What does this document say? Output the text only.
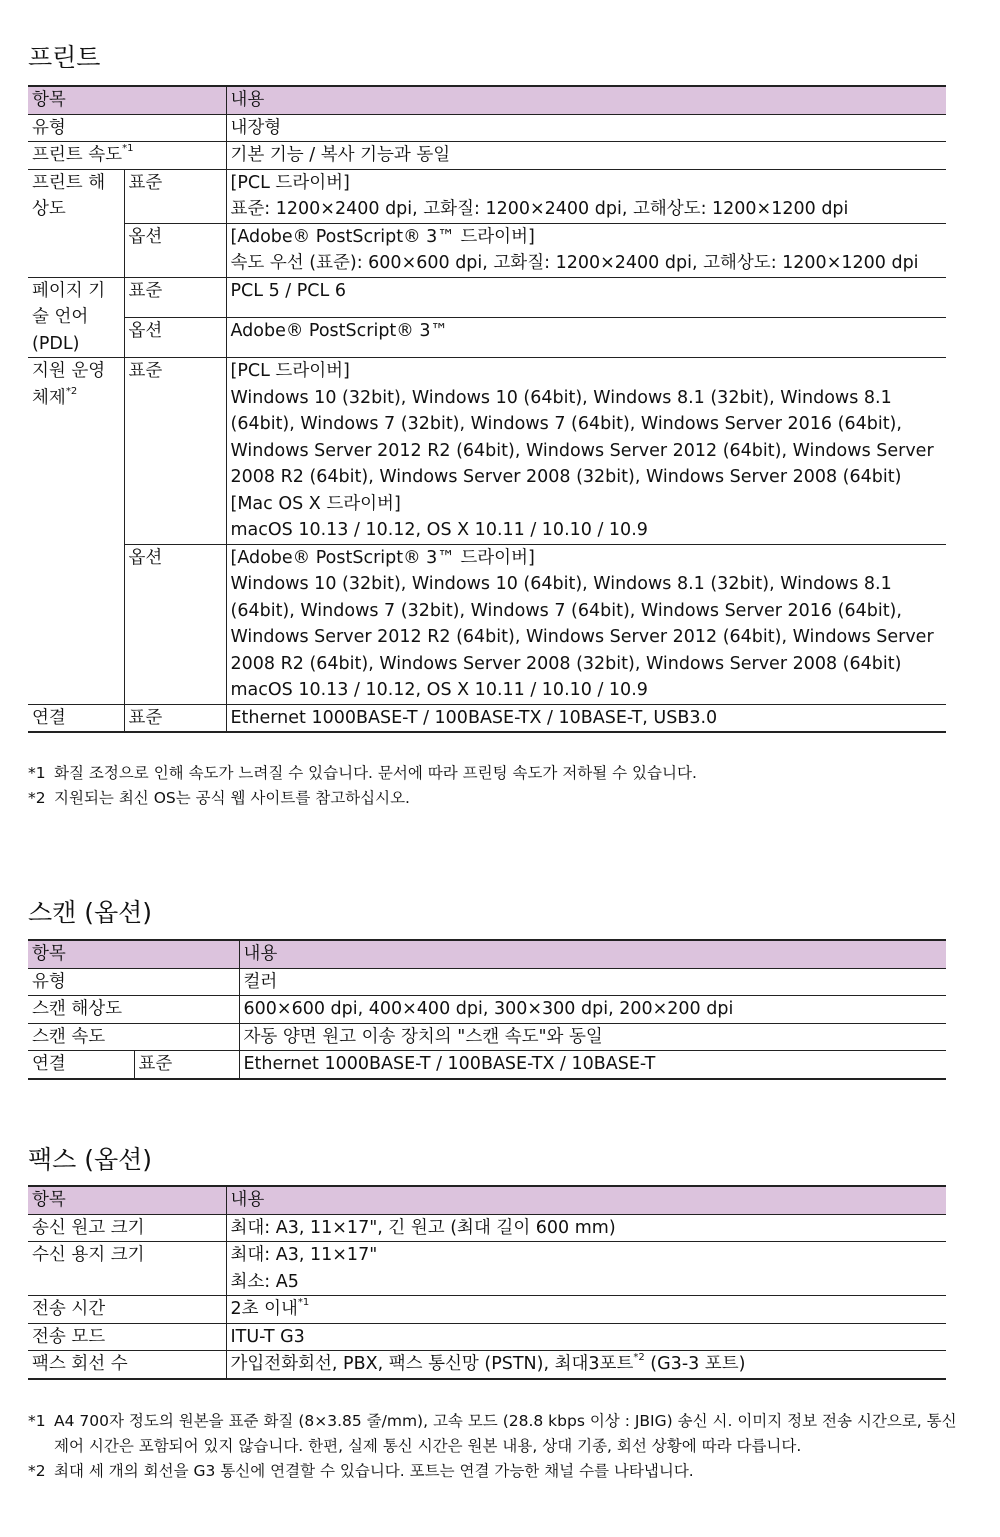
프린트
항목		내용
유형		내장형
프린트 속도$^{*1}$		기본 기능 / 복사 기능과 동일
프린트 해상도	표준	[PCL 드라이버]
표준: 1200×2400 dpi, 고화질: 1200×2400 dpi, 고해상도: 1200×1200 dpi

	옵션	[Adobe® PostScript® 3™ 드라이버]
속도 우선 (표준): 600×600 dpi, 고화질: 1200×2400 dpi, 고해상도: 1200×1200 dpi

페이지 기술 언어(PDL)	표준	PCL 5 / PCL 6
	옵션	Adobe® PostScript® 3™
지원 운영 체제$^{*2}$	표준	[PCL 드라이버]
Windows 10 (32bit), Windows 10 (64bit), Windows 8.1 (32bit), Windows 8.1 (64bit), Windows 7 (32bit), Windows 7 (64bit), Windows Server 2016 (64bit), Windows Server 2012 R2 (64bit), Windows Server 2012 (64bit), Windows Server 2008 R2 (64bit), Windows Server 2008 (32bit), Windows Server 2008 (64bit)
[Mac OS X 드라이버]
macOS 10.13 / 10.12, OS X 10.11 / 10.10 / 10.9
	옵션	[Adobe® PostScript® 3™ 드라이버]
Windows 10 (32bit), Windows 10 (64bit), Windows 8.1 (32bit), Windows 8.1 (64bit), Windows 7 (32bit), Windows 7 (64bit), Windows Server 2016 (64bit), Windows Server 2012 R2 (64bit), Windows Server 2012 (64bit), Windows Server 2008 R2 (64bit), Windows Server 2008 (32bit), Windows Server 2008 (64bit)
macOS 10.13 / 10.12, OS X 10.11 / 10.10 / 10.9
연결	표준	Ethernet 1000BASE-T / 100BASE-TX / 10BASE-T, USB3.0
*1 화질 조정으로 인해 속도가 느려질 수 있습니다. 문서에 따라 프린팅 속도가 저하될 수 있습니다.
*2 지원되는 최신 OS는 공식 웹 사이트를 참고하십시오.
스캔 (옵션)
항목		내용
유형		컬러
스캔 해상도		600×600 dpi, 400×400 dpi, 300×300 dpi, 200×200 dpi
스캔 속도		자동 양면 원고 이송 장치의 "스캔 속도"와 동일
연결	표준	Ethernet 1000BASE-T / 100BASE-TX / 10BASE-T
팩스 (옵션)
항목	내용
송신 원고 크기	최대: A3, 11×17", 긴 원고 (최대 길이 600 mm)
수신 용지 크기	최대: A3, 11×17"
최소: A5

전송 시간	2초 이내$^{*1}$
전송 모드	ITU-T G3
팩스 회선 수	가입전화회선, PBX, 팩스 통신망 (PSTN), 최대3포트$^{*2}$ (G3-3 포트)
*1 A4 700자 정도의 원본을 표준 화질 (8×3.85 줄/mm), 고속 모드 (28.8 kbps 이상 : JBIG) 송신 시. 이미지 정보 전송 시간으로, 통신 제어 시간은 포함되어 있지 않습니다. 한편, 실제 통신 시간은 원본 내용, 상대 기종, 회선 상황에 따라 다릅니다.
*2 최대 세 개의 회선을 G3 통신에 연결할 수 있습니다. 포트는 연결 가능한 채널 수를 나타냅니다.
